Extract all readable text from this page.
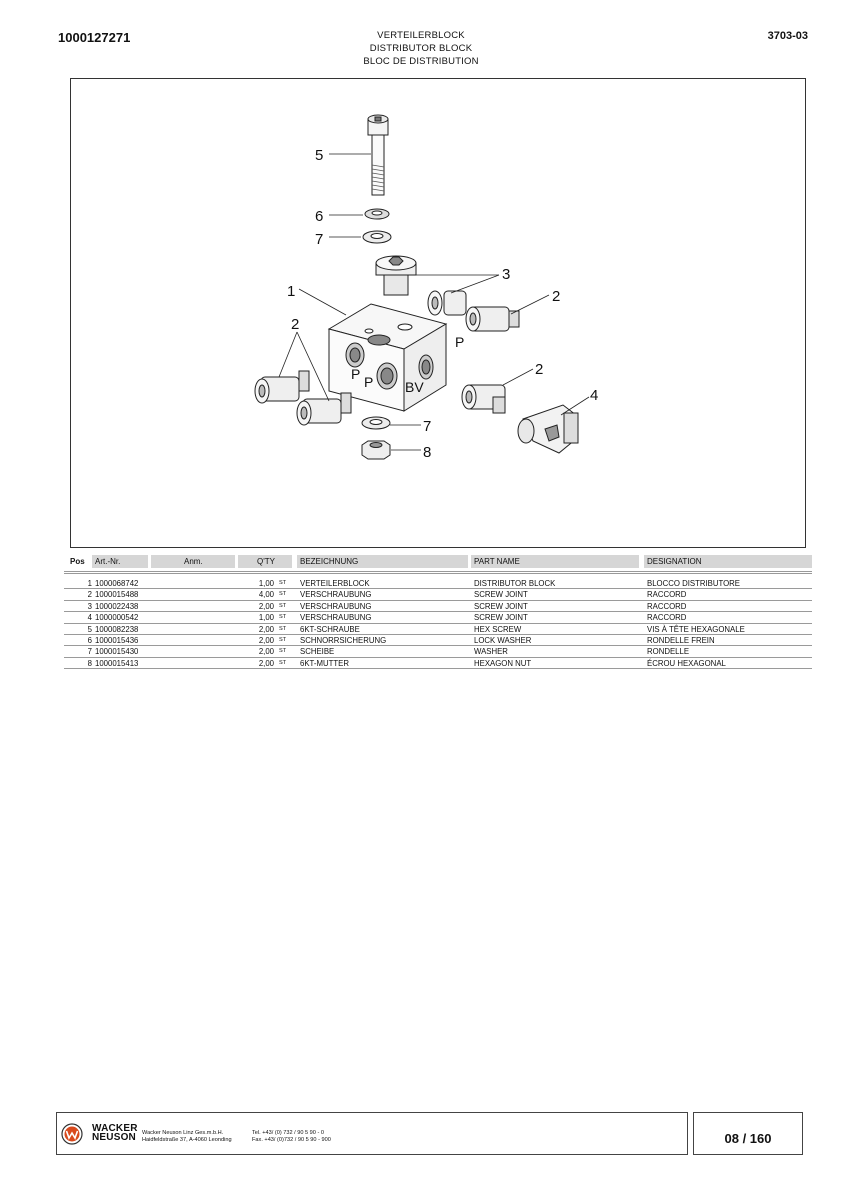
1000127271	VERTEILERBLOCK
DISTRIBUTOR BLOCK
BLOC DE DISTRIBUTION
3703-03
5
6
7
3
1	2
2
2
4
7
8
P
P P BV
Pos	Art.-Nr.	Anm.	Q'TY	BEZEICHNUNG	PART NAME	DESIGNATION
1 1000068742	1,00 ST VERTEILERBLOCK	DISTRIBUTOR BLOCK	BLOCCO DISTRIBUTORE
2 1000015488	4,00 ST VERSCHRAUBUNG	SCREW JOINT	RACCORD
3 1000022438	2,00 ST VERSCHRAUBUNG	SCREW JOINT	RACCORD
4 1000000542	1,00 ST VERSCHRAUBUNG	SCREW JOINT	RACCORD
5 1000082238	2,00 ST 6KT-SCHRAUBE	HEX SCREW	VIS À TÊTE HEXAGONALE
6 1000015436	2,00 ST SCHNORRSICHERUNG	LOCK WASHER	RONDELLE FREIN
7 1000015430	2,00 ST SCHEIBE	WASHER	RONDELLE
8 1000015413	2,00 ST 6KT-MUTTER	HEXAGON NUT	ÉCROU HEXAGONAL
WACKER
NEUSON Wacker Neuson Linz Ges.m.b.H.
Haidfeldstraße 37, A-4060 Leonding
Tel. +43/ (0) 732 / 90 5 90 - 0
Fax. +43/ (0)732 / 90 5 90 - 900	08 / 160
